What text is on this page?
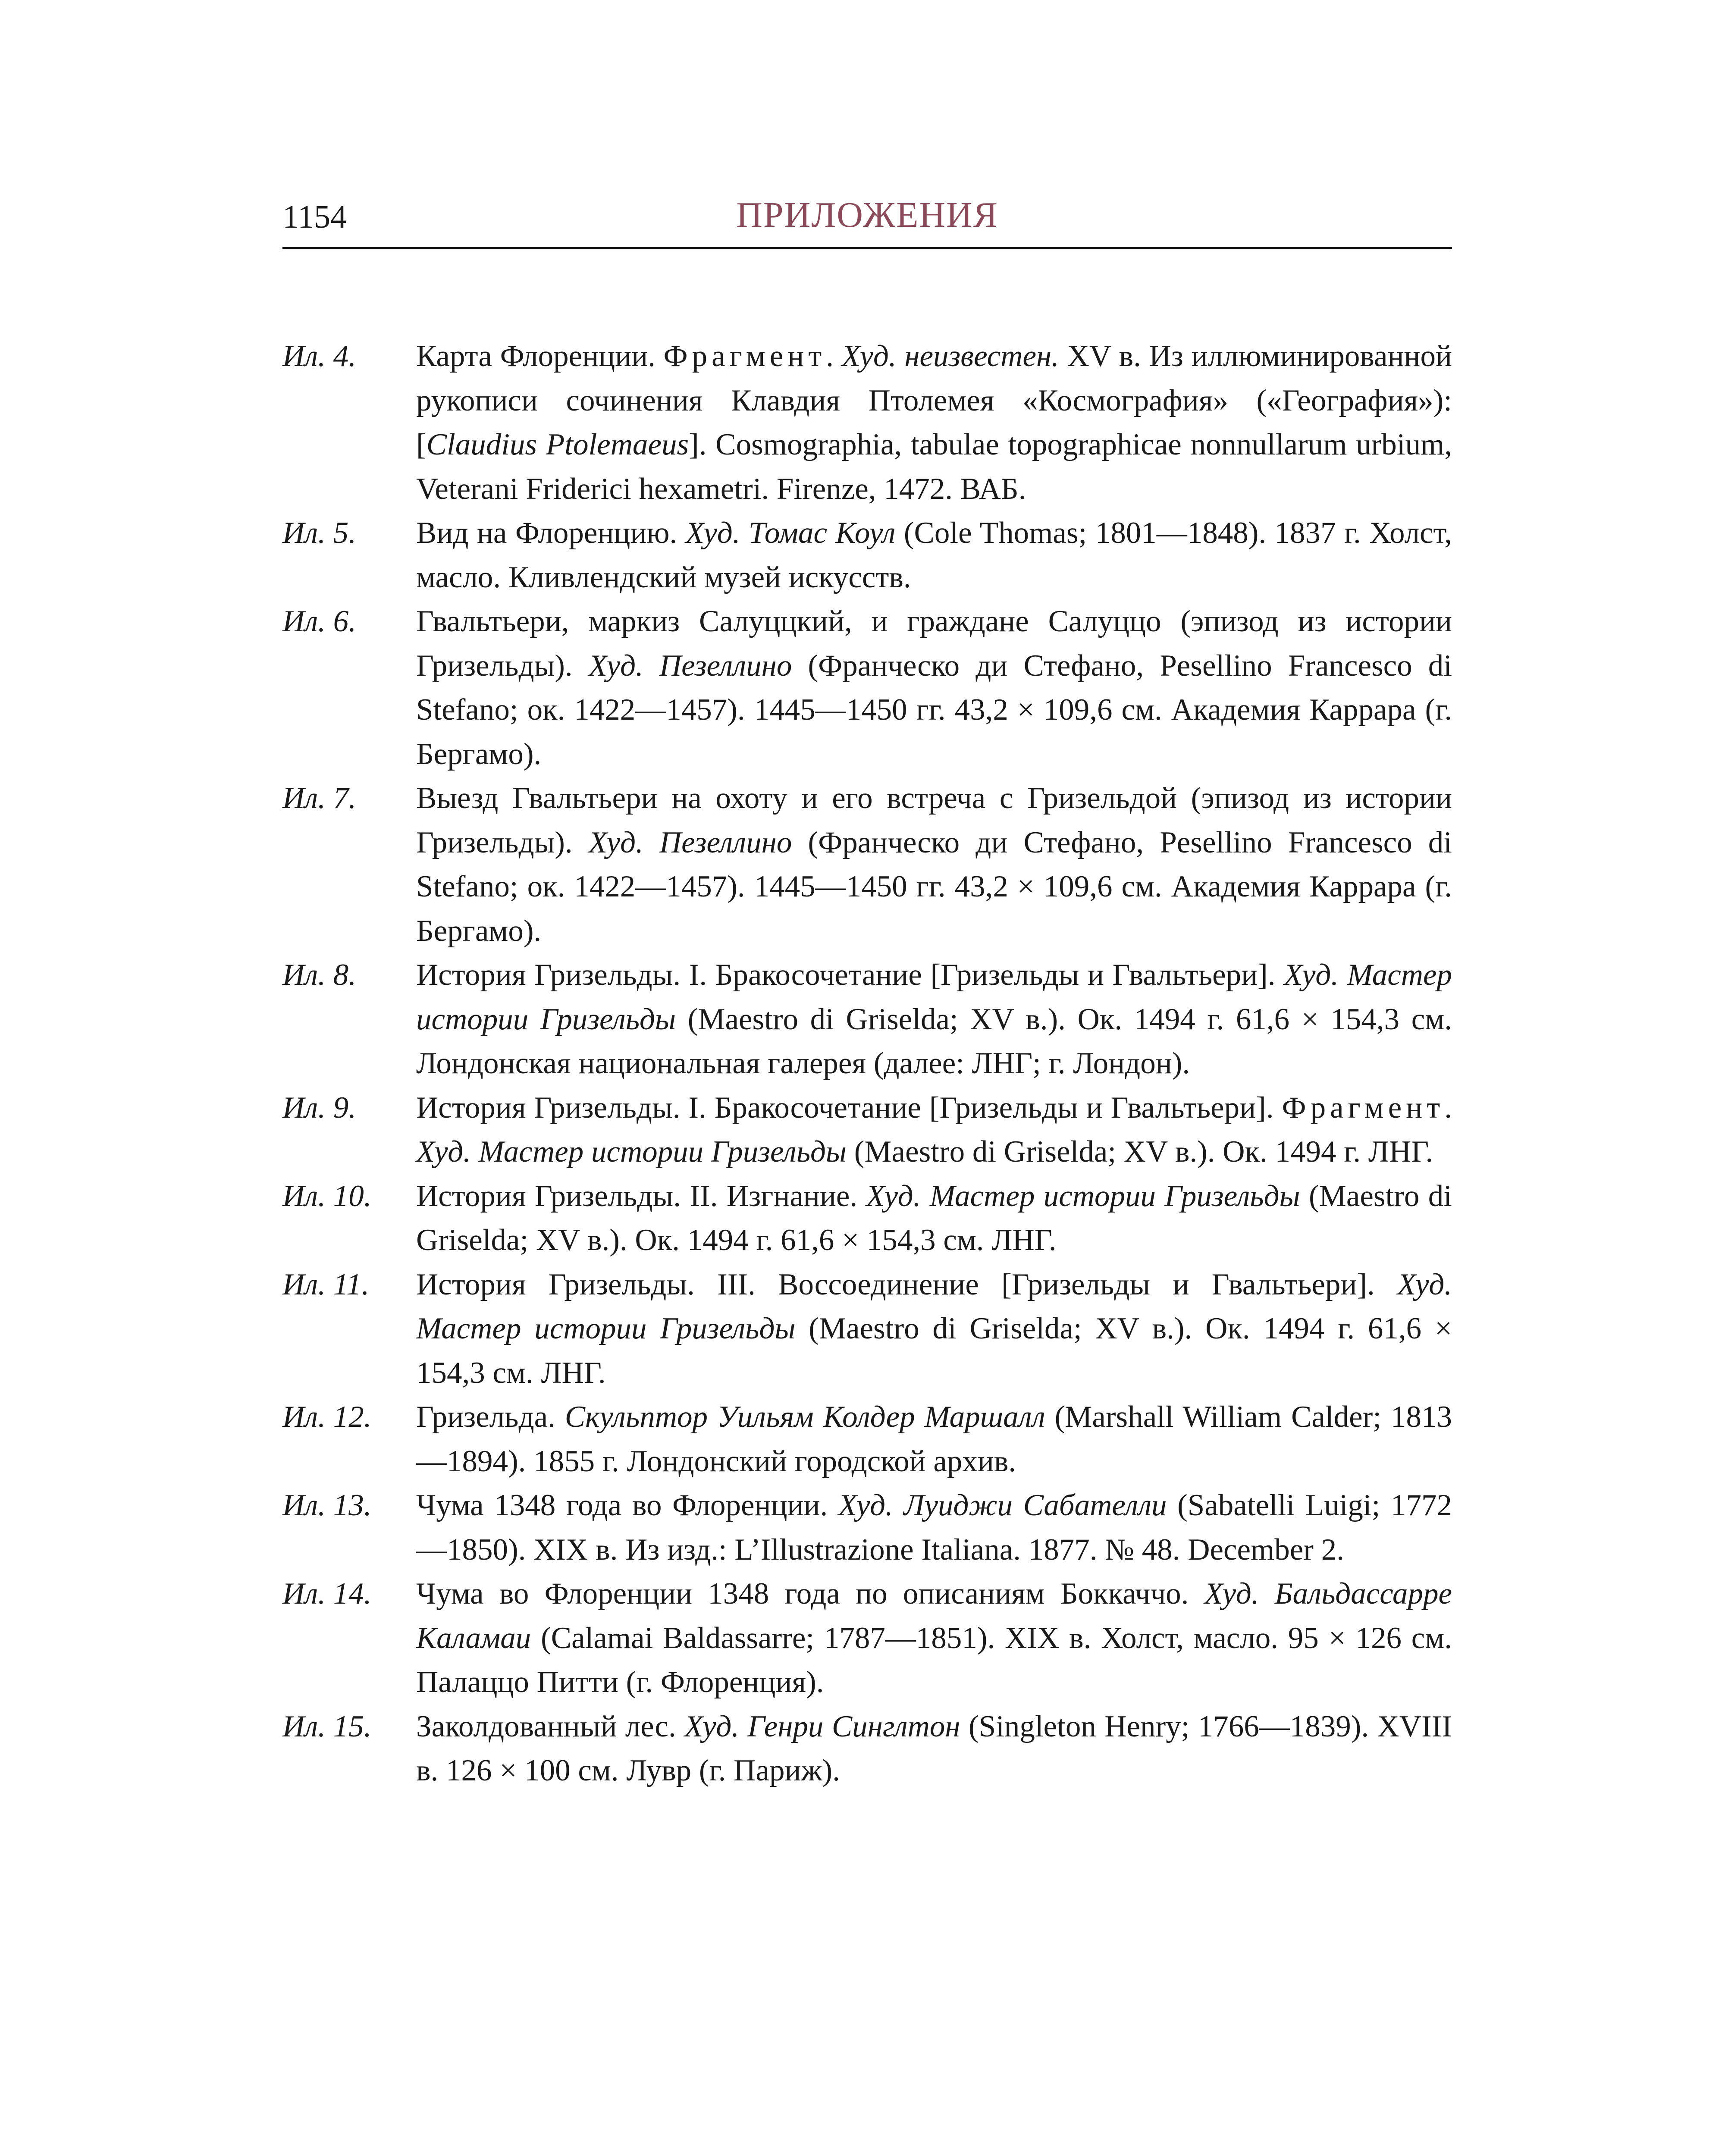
1154	ПРИЛОЖЕНИЯ
Ил. 4.	Карта Флоренции. Фрагмент. Худ. неизвестен. XV в. Из иллюминированной рукописи сочинения Клавдия Птолемея «Космография» («География»): [Claudius Ptolemaeus]. Cosmographia, tabulae topographicae nonnullarum urbium, Veterani Friderici hexametri. Firenze, 1472. ВАБ.
Ил. 5.	Вид на Флоренцию. Худ. Томас Коул (Cole Thomas; 1801—1848). 1837 г. Холст, масло. Кливлендский музей искусств.
Ил. 6.	Гвальтьери, маркиз Салуццкий, и граждане Салуццо (эпизод из истории Гризельды). Худ. Пезеллино (Франческо ди Стефано, Pesellino Francesco di Stefano; ок. 1422—1457). 1445—1450 гг. 43,2 × 109,6 см. Академия Каррара (г. Бергамо).
Ил. 7.	Выезд Гвальтьери на охоту и его встреча с Гризельдой (эпизод из истории Гризельды). Худ. Пезеллино (Франческо ди Стефано, Pesellino Francesco di Stefano; ок. 1422—1457). 1445—1450 гг. 43,2 × 109,6 см. Академия Каррара (г. Бергамо).
Ил. 8.	История Гризельды. I. Бракосочетание [Гризельды и Гвальтьери]. Худ. Мастер истории Гризельды (Maestro di Griselda; XV в.). Ок. 1494 г. 61,6 × 154,3 см. Лондонская национальная галерея (далее: ЛНГ; г. Лондон).
Ил. 9.	История Гризельды. I. Бракосочетание [Гризельды и Гвальтьери]. Фрагмент. Худ. Мастер истории Гризельды (Maestro di Griselda; XV в.). Ок. 1494 г. ЛНГ.
Ил. 10.	История Гризельды. II. Изгнание. Худ. Мастер истории Гризельды (Maestro di Griselda; XV в.). Ок. 1494 г. 61,6 × 154,3 см. ЛНГ.
Ил. 11.	История Гризельды. III. Воссоединение [Гризельды и Гвальтьери]. Худ. Мастер истории Гризельды (Maestro di Griselda; XV в.). Ок. 1494 г. 61,6 × 154,3 см. ЛНГ.
Ил. 12.	Гризельда. Скульптор Уильям Колдер Маршалл (Marshall William Calder; 1813—1894). 1855 г. Лондонский городской архив.
Ил. 13.	Чума 1348 года во Флоренции. Худ. Луиджи Сабателли (Sabatelli Luigi; 1772—1850). XIX в. Из изд.: L’Illustrazione Italiana. 1877. № 48. December 2.
Ил. 14.	Чума во Флоренции 1348 года по описаниям Боккаччо. Худ. Бальдассарре Каламаи (Calamai Baldassarre; 1787—1851). XIX в. Холст, масло. 95 × 126 см. Палаццо Питти (г. Флоренция).
Ил. 15.	Заколдованный лес. Худ. Генри Синглтон (Singleton Henry; 1766—1839). XVIII в. 126 × 100 см. Лувр (г. Париж).
